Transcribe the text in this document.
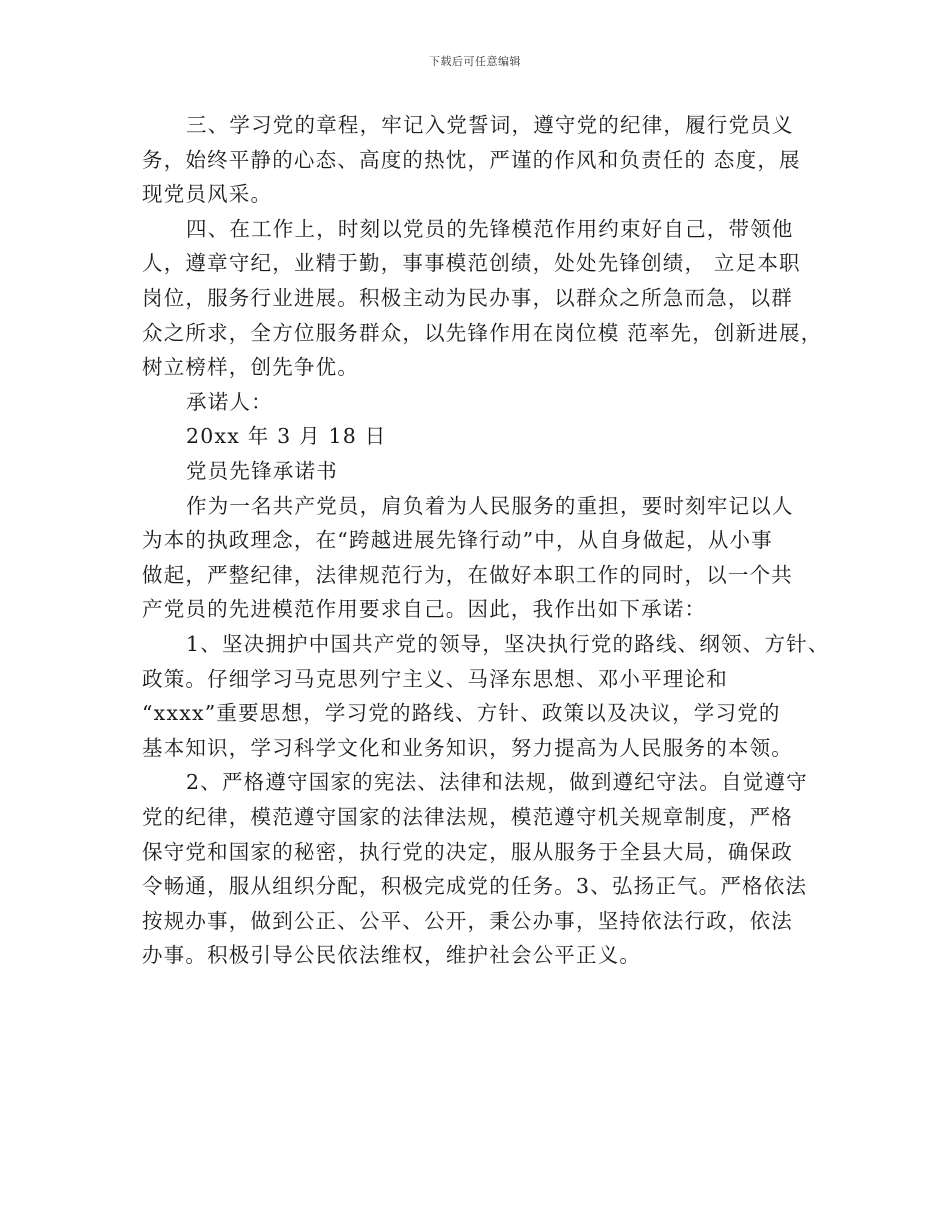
下载后可任意编辑
三、学习党的章程，牢记入党誓词，遵守党的纪律，履行党员义
务，始终平静的心态、高度的热忱，严谨的作风和负责任的 态度，展
现党员风采。
四、在工作上，时刻以党员的先锋模范作用约束好自己，带领他
人，遵章守纪，业精于勤，事事模范创绩，处处先锋创绩， 立足本职
岗位，服务行业进展。积极主动为民办事，以群众之所急而急，以群
众之所求，全方位服务群众，以先锋作用在岗位模 范率先，创新进展，
树立榜样，创先争优。
承诺人：
20xx 年 3 月 18 日
党员先锋承诺书
作为一名共产党员，肩负着为人民服务的重担，要时刻牢记以人
为本的执政理念，在“跨越进展先锋行动”中，从自身做起，从小事
做起，严整纪律，法律规范行为，在做好本职工作的同时，以一个共
产党员的先进模范作用要求自己。因此，我作出如下承诺：
1、坚决拥护中国共产党的领导，坚决执行党的路线、纲领、方针、
政策。仔细学习马克思列宁主义、马泽东思想、邓小平理论和
“xxxx”重要思想，学习党的路线、方针、政策以及决议，学习党的
基本知识，学习科学文化和业务知识，努力提高为人民服务的本领。
2、严格遵守国家的宪法、法律和法规，做到遵纪守法。自觉遵守
党的纪律，模范遵守国家的法律法规，模范遵守机关规章制度，严格
保守党和国家的秘密，执行党的决定，服从服务于全县大局，确保政
令畅通，服从组织分配，积极完成党的任务。3、弘扬正气。严格依法
按规办事，做到公正、公平、公开，秉公办事，坚持依法行政，依法
办事。积极引导公民依法维权，维护社会公平正义。
